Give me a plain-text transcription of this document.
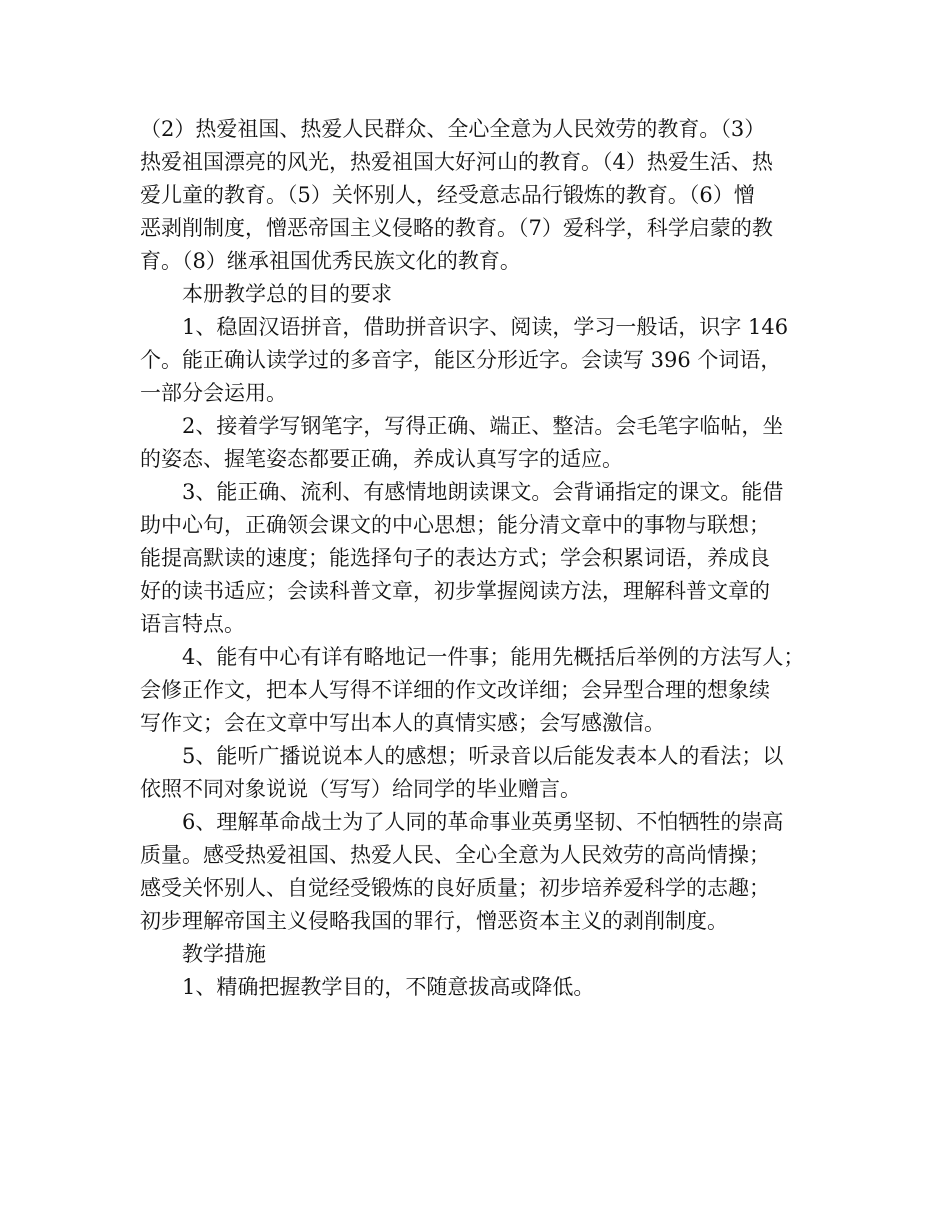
（2）热爱祖国、热爱人民群众、全心全意为人民效劳的教育。（3）
热爱祖国漂亮的风光，热爱祖国大好河山的教育。（4）热爱生活、热
爱儿童的教育。（5）关怀别人，经受意志品行锻炼的教育。（6）憎
恶剥削制度，憎恶帝国主义侵略的教育。（7）爱科学，科学启蒙的教
育。（8）继承祖国优秀民族文化的教育。
本册教学总的目的要求
1、稳固汉语拼音，借助拼音识字、阅读，学习一般话，识字 146
个。能正确认读学过的多音字，能区分形近字。会读写 396 个词语，
一部分会运用。
2、接着学写钢笔字，写得正确、端正、整洁。会毛笔字临帖，坐
的姿态、握笔姿态都要正确，养成认真写字的适应。
3、能正确、流利、有感情地朗读课文。会背诵指定的课文。能借
助中心句，正确领会课文的中心思想；能分清文章中的事物与联想；
能提高默读的速度；能选择句子的表达方式；学会积累词语，养成良
好的读书适应；会读科普文章，初步掌握阅读方法，理解科普文章的
语言特点。
4、能有中心有详有略地记一件事；能用先概括后举例的方法写人；
会修正作文，把本人写得不详细的作文改详细；会异型合理的想象续
写作文；会在文章中写出本人的真情实感；会写感激信。
5、能听广播说说本人的感想；听录音以后能发表本人的看法；以
依照不同对象说说（写写）给同学的毕业赠言。
6、理解革命战士为了人同的革命事业英勇坚韧、不怕牺牲的崇高
质量。感受热爱祖国、热爱人民、全心全意为人民效劳的高尚情操；
感受关怀别人、自觉经受锻炼的良好质量；初步培养爱科学的志趣；
初步理解帝国主义侵略我国的罪行，憎恶资本主义的剥削制度。
教学措施
1、精确把握教学目的，不随意拔高或降低。
